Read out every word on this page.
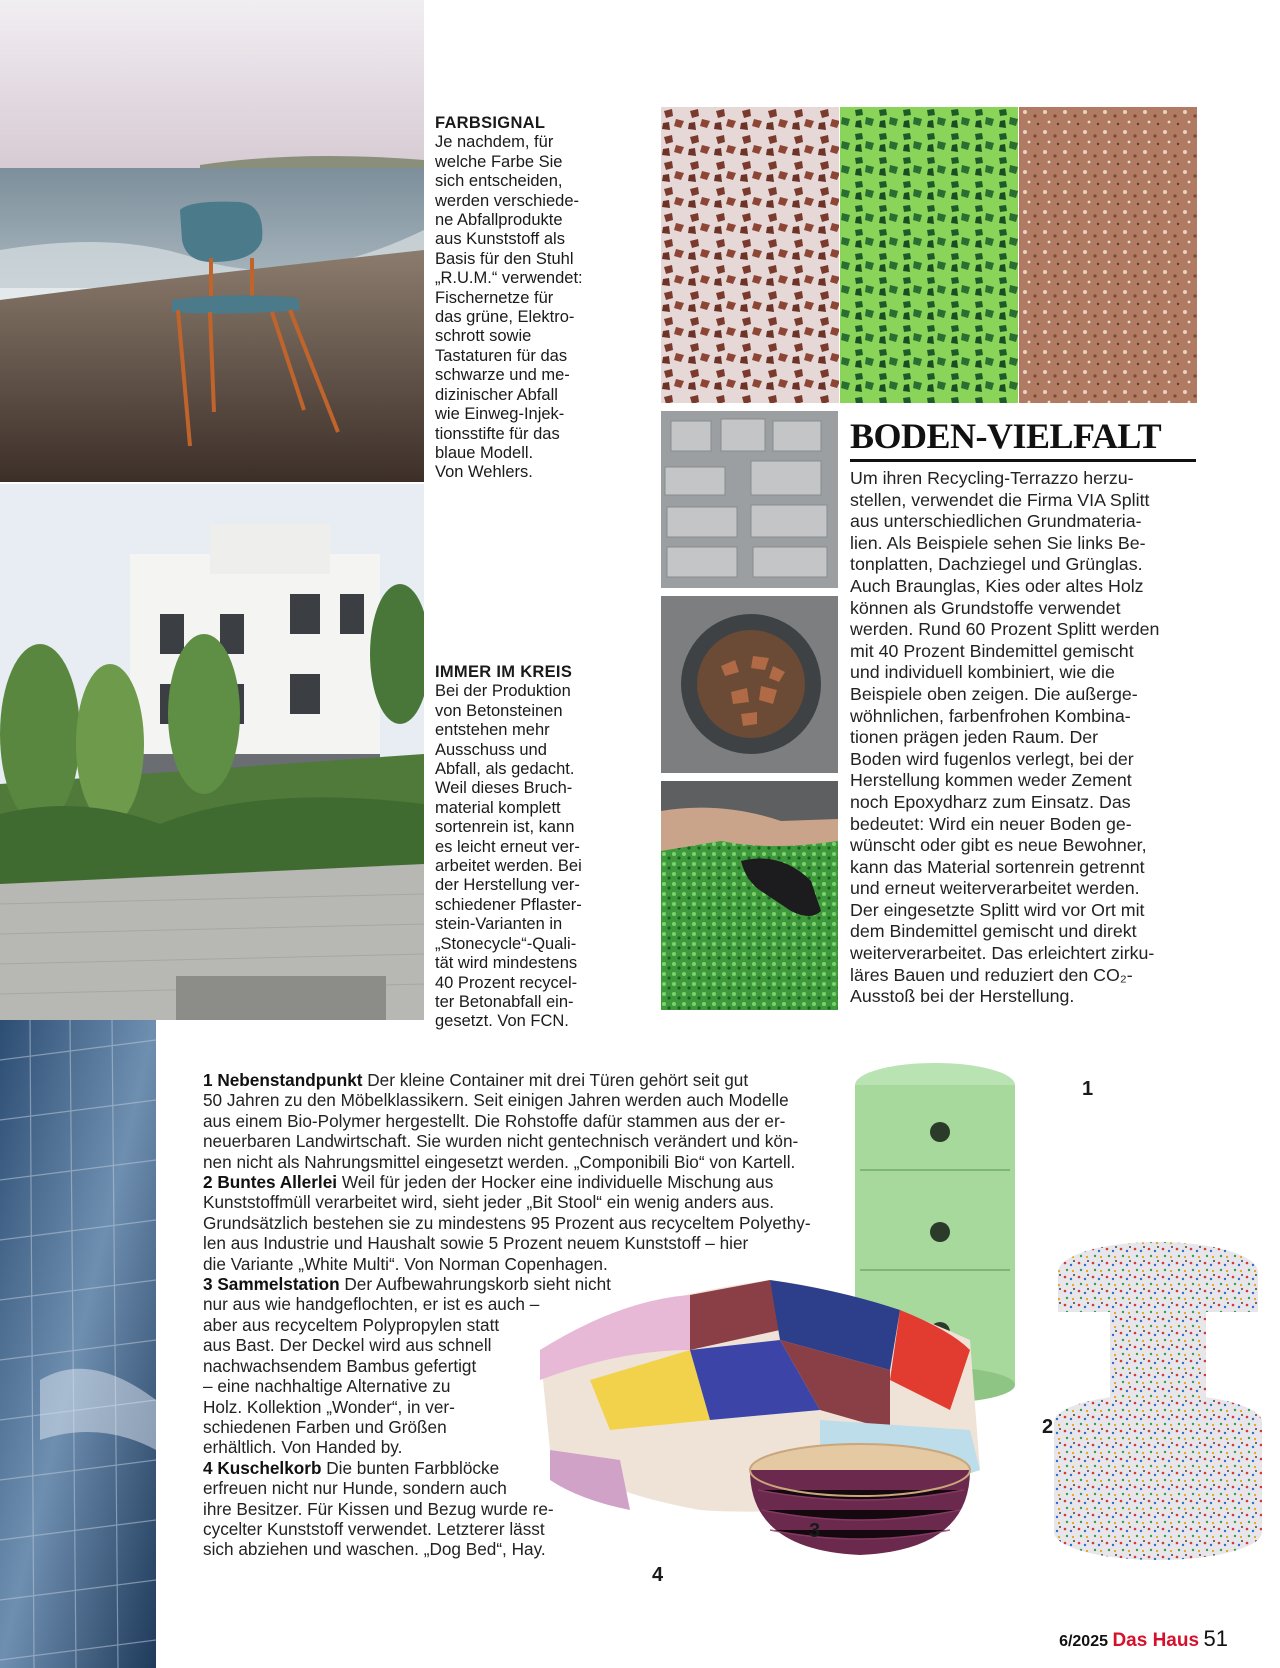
FARBSIGNAL
Je nachdem, für
welche Farbe Sie
sich entscheiden,
werden verschiede-
ne Abfallprodukte
aus Kunststoff als
Basis für den Stuhl
„R.U.M.“ verwendet:
Fischernetze für
das grüne, Elektro-
schrott sowie
Tastaturen für das
schwarze und me-
dizinischer Abfall
wie Einweg-Injek-
tionsstifte für das
blaue Modell.
Von Wehlers.
IMMER IM KREIS
Bei der Produktion
von Betonsteinen
entstehen mehr
Ausschuss und
Abfall, als gedacht.
Weil dieses Bruch-
material komplett
sortenrein ist, kann
es leicht erneut ver-
arbeitet werden. Bei
der Herstellung ver-
schiedener Pflaster-
stein-Varianten in
„Stonecycle“-Quali-
tät wird mindestens
40 Prozent recycel-
ter Betonabfall ein-
gesetzt. Von FCN.
BODEN-VIELFALT
Um ihren Recycling-Terrazzo herzu-
stellen, verwendet die Firma VIA Splitt
aus unterschiedlichen Grundmateria-
lien. Als Beispiele sehen Sie links Be-
tonplatten, Dachziegel und Grünglas.
Auch Braunglas, Kies oder altes Holz
können als Grundstoffe verwendet
werden. Rund 60 Prozent Splitt werden
mit 40 Prozent Bindemittel gemischt
und individuell kombiniert, wie die
Beispiele oben zeigen. Die außerge-
wöhnlichen, farbenfrohen Kombina-
tionen prägen jeden Raum. Der
Boden wird fugenlos verlegt, bei der
Herstellung kommen weder Zement
noch Epoxydharz zum Einsatz. Das
bedeutet: Wird ein neuer Boden ge-
wünscht oder gibt es neue Bewohner,
kann das Material sortenrein getrennt
und erneut weiterverarbeitet werden.
Der eingesetzte Splitt wird vor Ort mit
dem Bindemittel gemischt und direkt
weiterverarbeitet. Das erleichtert zirku-
läres Bauen und reduziert den CO₂-
Ausstoß bei der Herstellung.
1
2
3
4
1 Nebenstandpunkt Der kleine Container mit drei Türen gehört seit gut
50 Jahren zu den Möbelklassikern. Seit einigen Jahren werden auch Modelle
aus einem Bio-Polymer hergestellt. Die Rohstoffe dafür stammen aus der er-
neuerbaren Landwirtschaft. Sie wurden nicht gentechnisch verändert und kön-
nen nicht als Nahrungsmittel eingesetzt werden. „Componibili Bio“ von Kartell.
2 Buntes Allerlei Weil für jeden der Hocker eine individuelle Mischung aus
Kunststoffmüll verarbeitet wird, sieht jeder „Bit Stool“ ein wenig anders aus.
Grundsätzlich bestehen sie zu mindestens 95 Prozent aus recyceltem Polyethy-
len aus Industrie und Haushalt sowie 5 Prozent neuem Kunststoff – hier
die Variante „White Multi“. Von Norman Copenhagen.
3 Sammelstation Der Aufbewahrungskorb sieht nicht
nur aus wie handgeflochten, er ist es auch –
aber aus recyceltem Polypropylen statt
aus Bast. Der Deckel wird aus schnell
nachwachsendem Bambus gefertigt
– eine nachhaltige Alternative zu
Holz. Kollektion „Wonder“, in ver-
schiedenen Farben und Größen
erhältlich. Von Handed by.
4 Kuschelkorb Die bunten Farbblöcke
erfreuen nicht nur Hunde, sondern auch
ihre Besitzer. Für Kissen und Bezug wurde re-
cycelter Kunststoff verwendet. Letzterer lässt
sich abziehen und waschen. „Dog Bed“, Hay.
6/2025 Das Haus 51
